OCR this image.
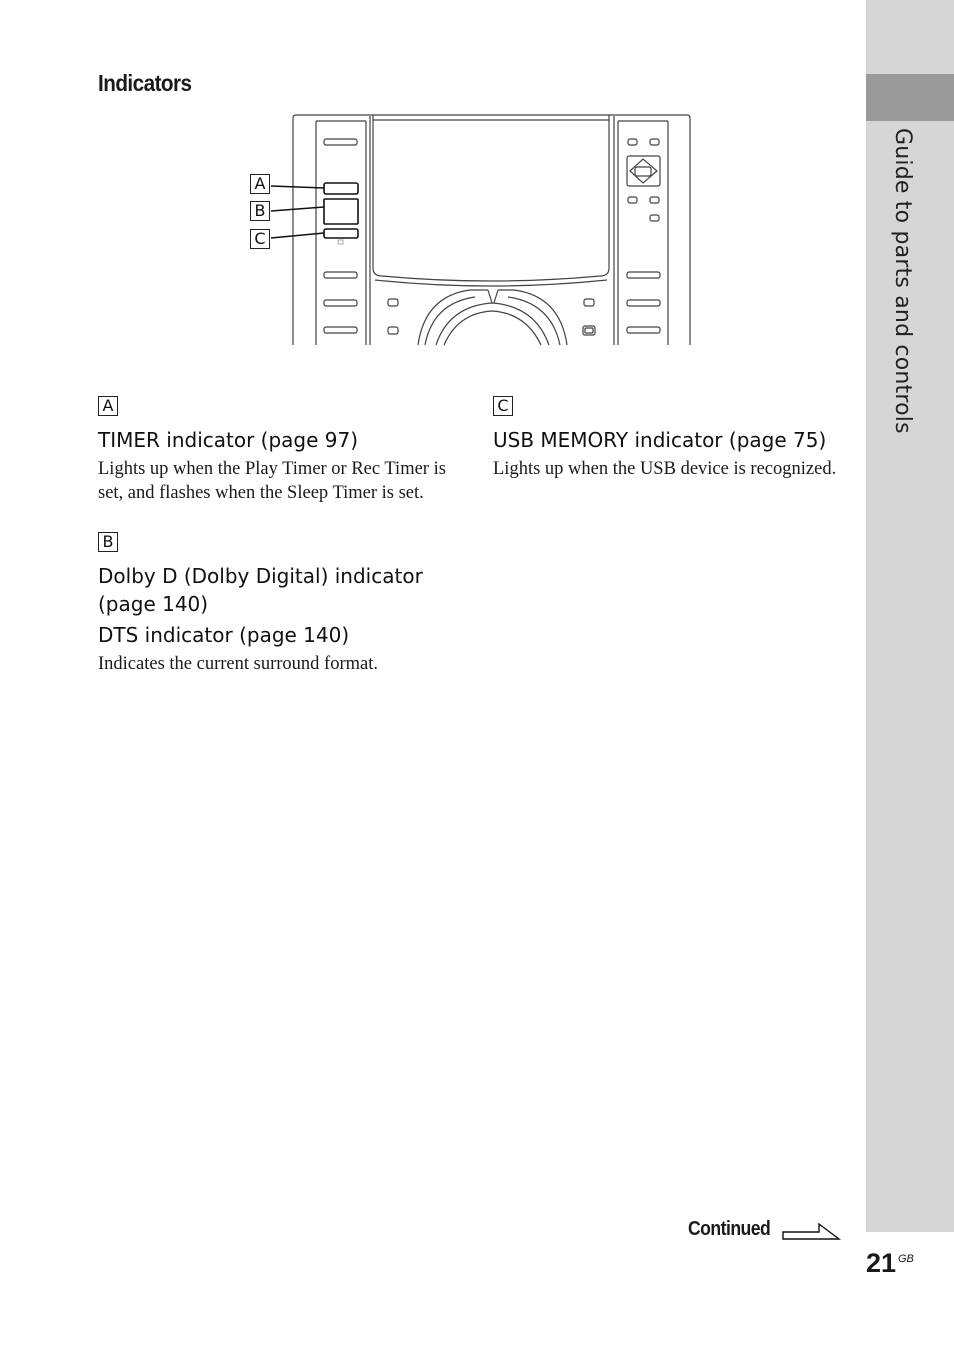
Guide to parts and controls
Indicators
A
B
C
A

TIMER indicator (page 97)

Lights up when the Play Timer or Rec Timer is set, and flashes when the Sleep Timer is set.

B

Dolby D (Dolby Digital) indicator (page 140)

DTS indicator (page 140)

Indicates the current surround format.

C

USB MEMORY indicator (page 75)

Lights up when the USB device is recognized.

Continued
21 GB
